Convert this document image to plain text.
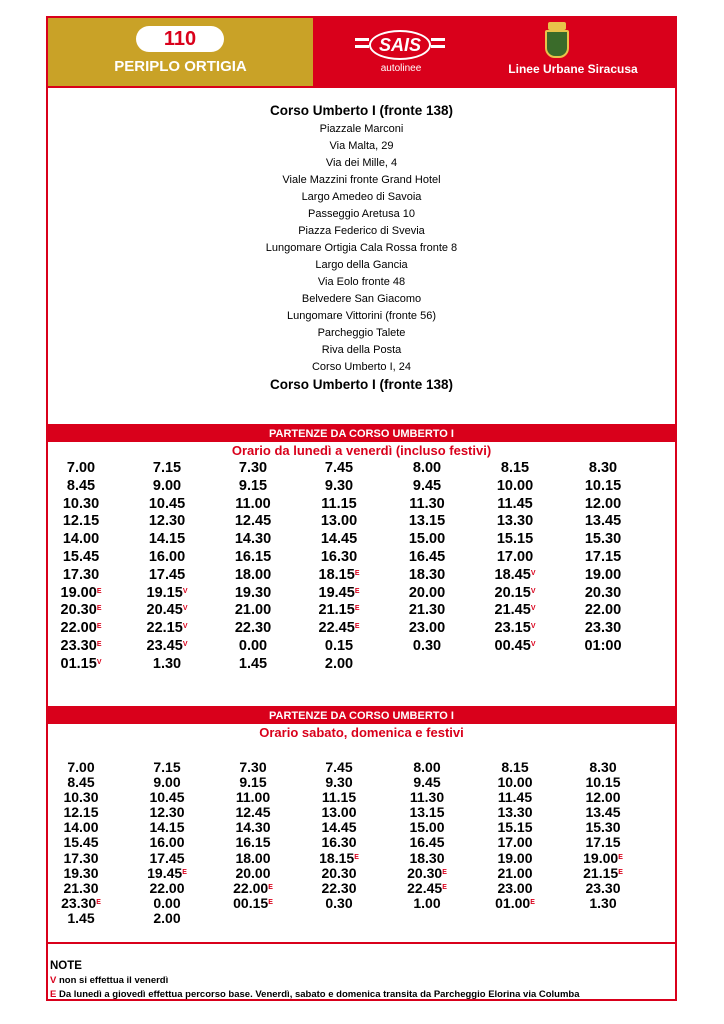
110
PERIPLO ORTIGIA
SAIS
autolinee	Linee Urbane Siracusa
Corso Umberto I (fronte 138)
Piazzale Marconi
Via Malta, 29
Via dei Mille, 4
Viale Mazzini fronte Grand Hotel
Largo Amedeo di Savoia
Passeggio Aretusa 10
Piazza Federico di Svevia
Lungomare Ortigia Cala Rossa fronte 8
Largo della Gancia
Via Eolo fronte 48
Belvedere San Giacomo
Lungomare Vittorini (fronte 56)
Parcheggio Talete
Riva della Posta
Corso Umberto I, 24
Corso Umberto I (fronte 138)
PARTENZE DA CORSO UMBERTO I
Orario da lunedì a venerdì (incluso festivi)
7.00	7.15	7.30	7.45	8.00	8.15	8.30
8.45	9.00	9.15	9.30	9.45	10.00	10.15
10.30	10.45	11.00	11.15	11.30	11.45	12.00
12.15	12.30	12.45	13.00	13.15	13.30	13.45
14.00	14.15	14.30	14.45	15.00	15.15	15.30
15.45	16.00	16.15	16.30	16.45	17.00	17.15
17.30	17.45	18.00	$18.15^E$	18.30	$18.45^V$	19.00
$19.00^E$	$19.15^V$	19.30	$19.45^E$	20.00	$20.15^V$	20.30
$20.30^E$	$20.45^V$	21.00	$21.15^E$	21.30	$21.45^V$	22.00
$22.00^E$	$22.15^V$	22.30	$22.45^E$	23.00	$23.15^V$	23.30
$23.30^E$	$23.45^V$	0.00	0.15	0.30	$00.45^V$	01:00
$01.15^V$	1.30	1.45	2.00
PARTENZE DA CORSO UMBERTO I
Orario sabato, domenica e festivi
7.00	7.15	7.30	7.45	8.00	8.15	8.30
8.45	9.00	9.15	9.30	9.45	10.00	10.15
10.30	10.45	11.00	11.15	11.30	11.45	12.00
12.15	12.30	12.45	13.00	13.15	13.30	13.45
14.00	14.15	14.30	14.45	15.00	15.15	15.30
15.45	16.00	16.15	16.30	16.45	17.00	17.15
17.30	17.45	18.00	$18.15^E$	18.30	19.00	$19.00^E$
19.30	$19.45^E$	20.00	20.30	$20.30^E$	21.00	$21.15^E$
21.30	22.00	$22.00^E$	22.30	$22.45^E$	23.00	23.30
$23.30^E$	0.00	$00.15^E$	0.30	1.00	$01.00^E$	1.30
1.45	2.00
NOTE
V non si effettua il venerdì
E Da lunedì a giovedì effettua percorso base. Venerdì, sabato e domenica transita da Parcheggio Elorina via Columba
